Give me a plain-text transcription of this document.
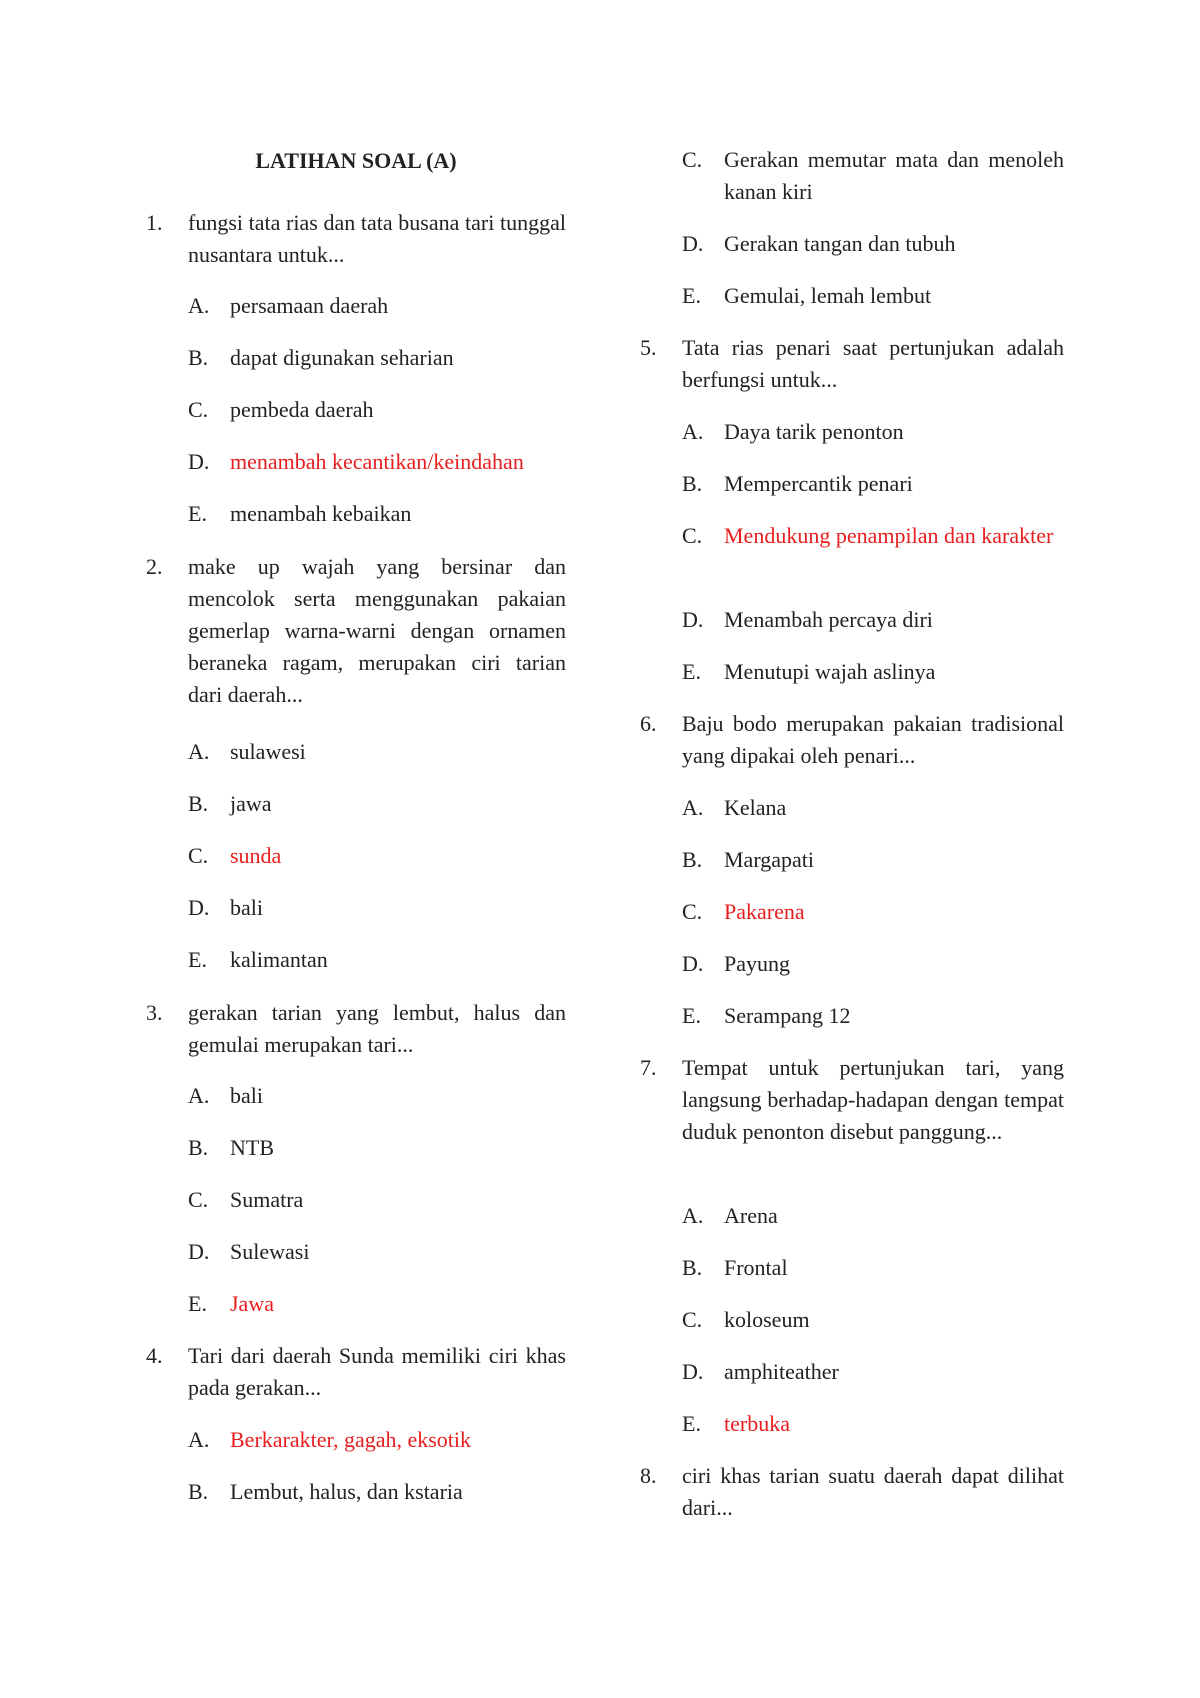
LATIHAN SOAL (A)
1.	fungsi tata rias dan tata busana tari tunggal nusantara untuk...
A. persamaan daerah
B. dapat digunakan seharian
C. pembeda daerah
D. menambah kecantikan/keindahan
E.	menambah kebaikan
2.	make up wajah yang bersinar dan mencolok serta menggunakan pakaian gemerlap warna-warni dengan ornamen beraneka ragam, merupakan ciri tarian dari daerah...
A. sulawesi
B. jawa
C. sunda
D. bali
E.	kalimantan
3.	gerakan tarian yang lembut, halus dan gemulai merupakan tari...
A. bali
B. NTB
C. Sumatra
D. Sulewasi
E.	Jawa
4.	Tari dari daerah Sunda memiliki ciri khas pada gerakan...
A. Berkarakter, gagah, eksotik
B. Lembut, halus, dan kstaria
C. Gerakan memutar mata dan menoleh kanan kiri
D. Gerakan tangan dan tubuh
E.	Gemulai, lemah lembut
5.	Tata rias penari saat pertunjukan adalah berfungsi untuk...
A. Daya tarik penonton
B. Mempercantik penari
C. Mendukung penampilan dan karakter
D. Menambah percaya diri
E.	Menutupi wajah aslinya
6.	Baju bodo merupakan pakaian tradisional yang dipakai oleh penari...
A. Kelana
B. Margapati
C. Pakarena
D. Payung
E.	Serampang 12
7.	Tempat untuk pertunjukan tari, yang langsung berhadap-hadapan dengan tempat duduk penonton disebut panggung...
A. Arena
B. Frontal
C. koloseum
D. amphiteather
E.	terbuka
8.	ciri khas tarian suatu daerah dapat dilihat dari...
